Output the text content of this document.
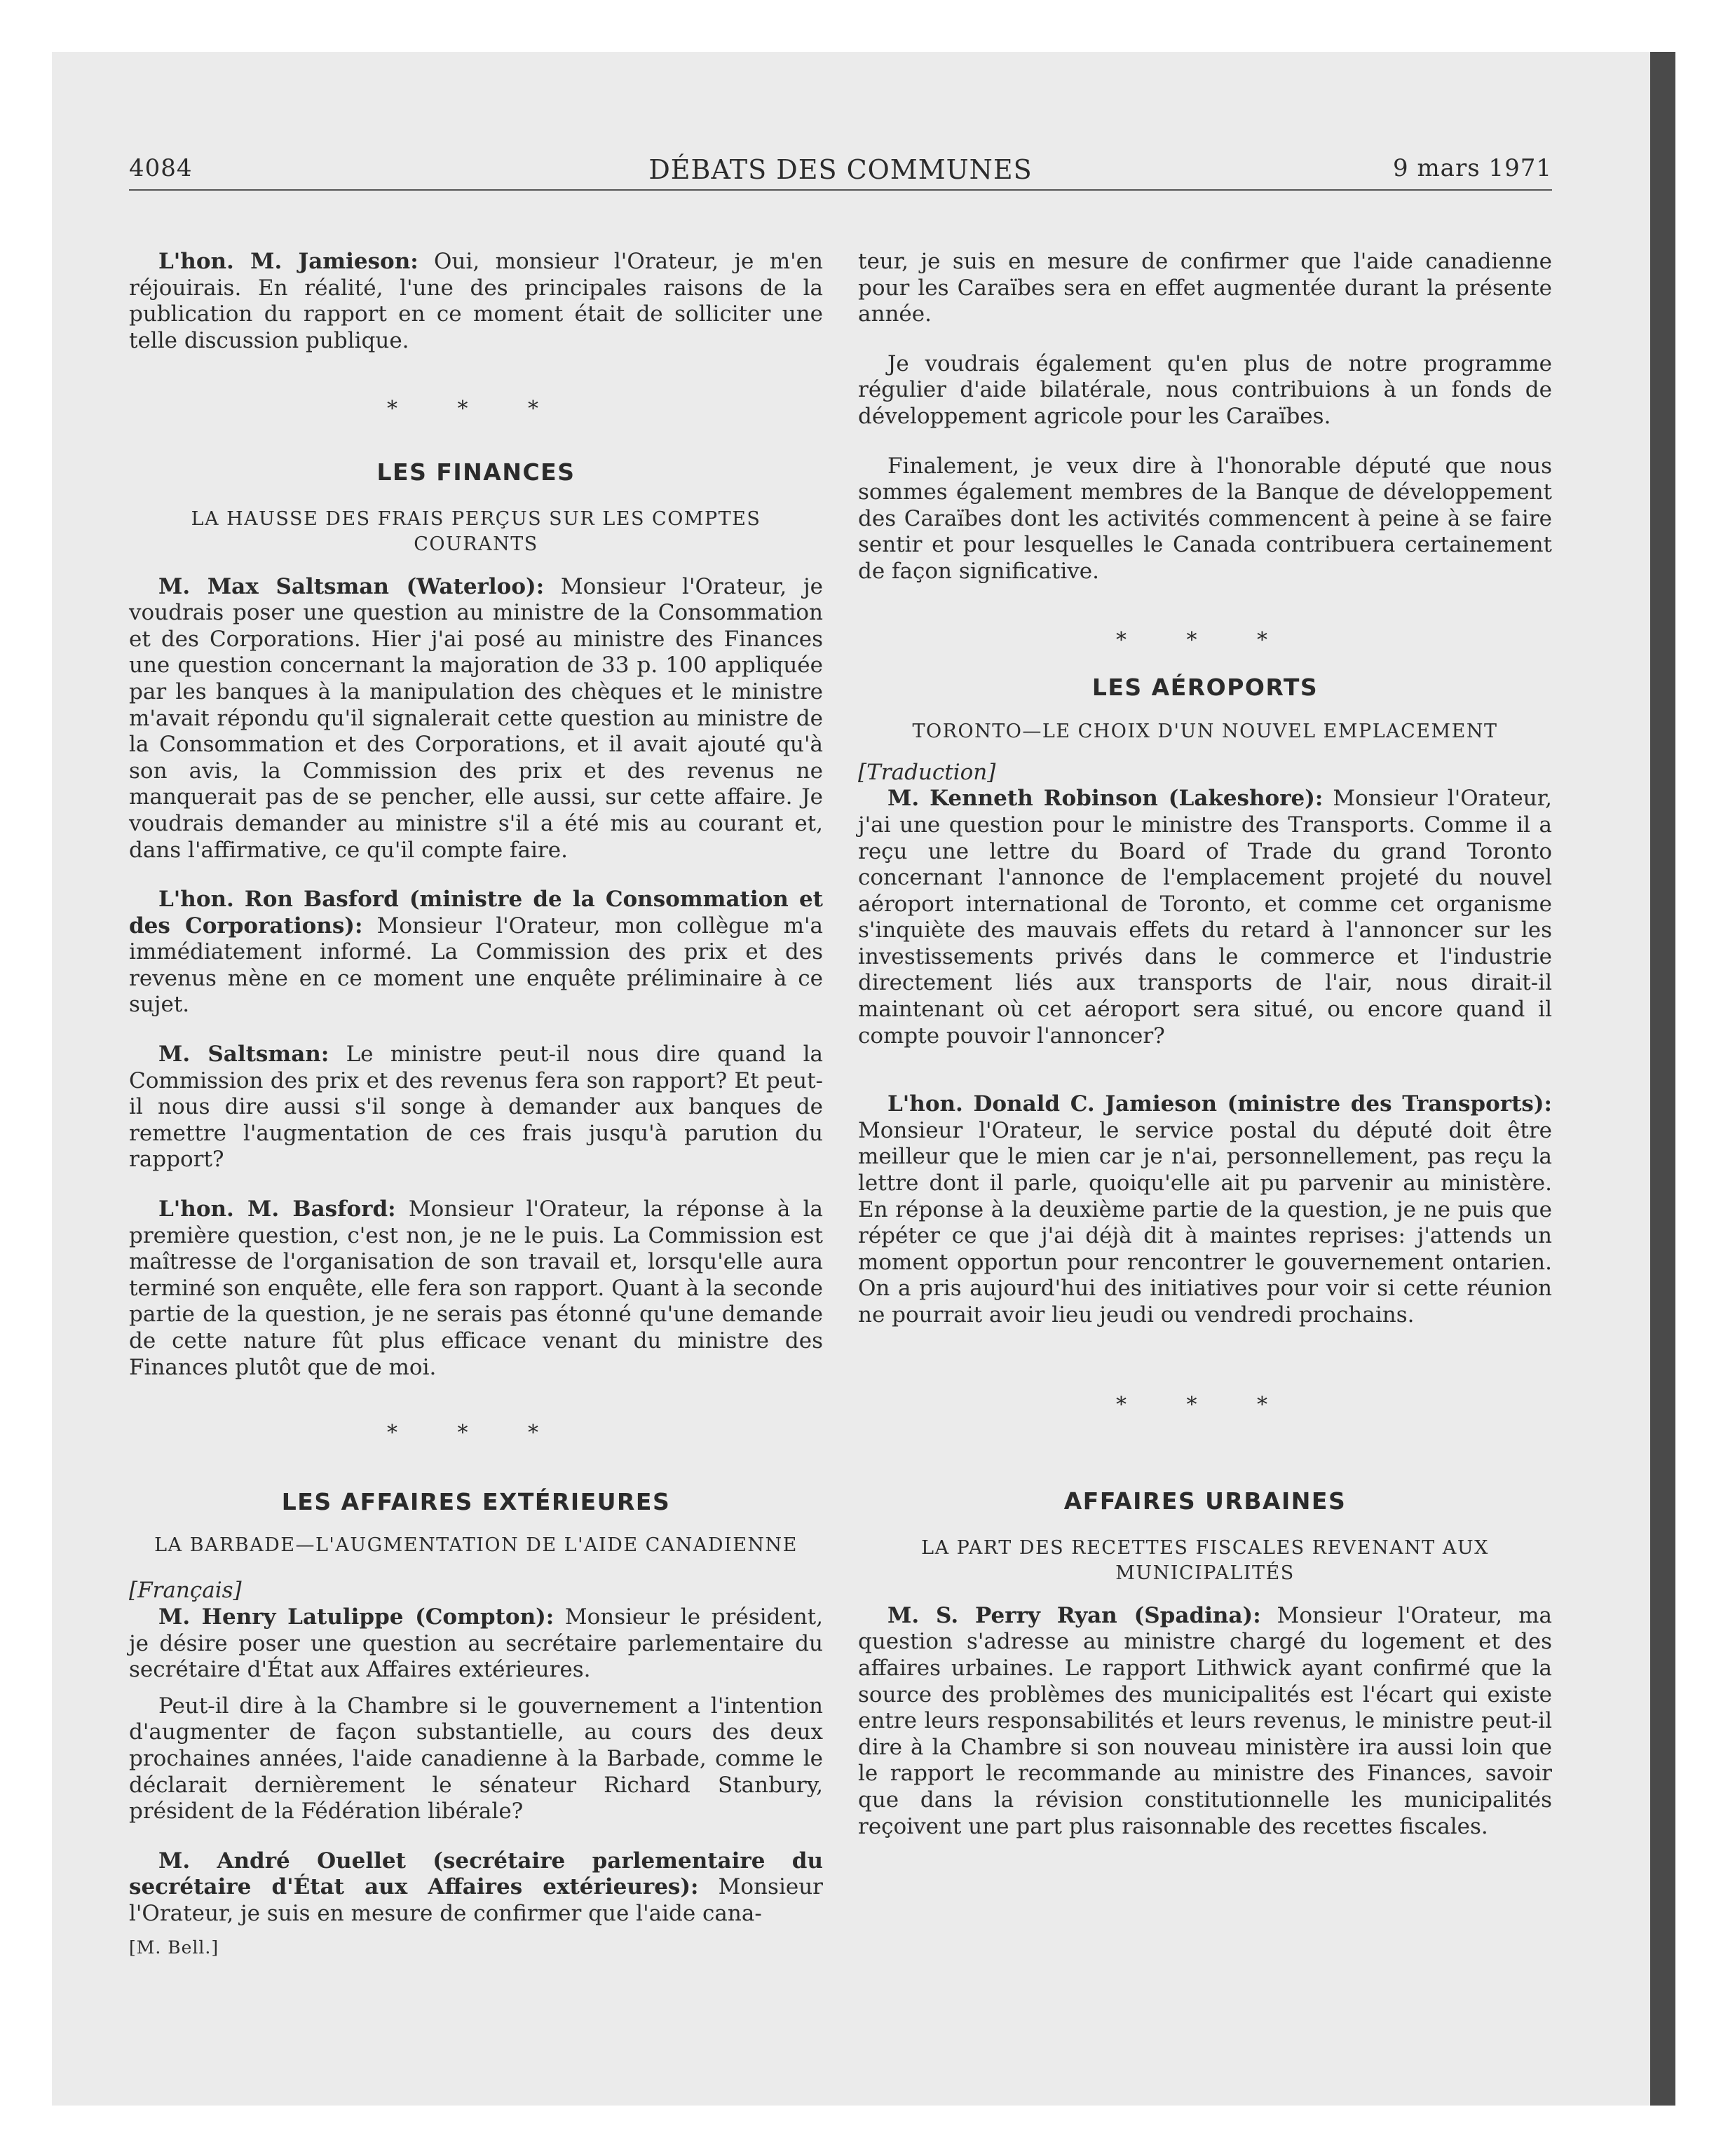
4084	DÉBATS DES COMMUNES	9 mars 1971

L'hon. M. Jamieson: Oui, monsieur l'Orateur, je m'en réjouirais. En réalité, l'une des principales raisons de la publication du rapport en ce moment était de solliciter une telle discussion publique.

* * *

LES FINANCES

LA HAUSSE DES FRAIS PERÇUS SUR LES COMPTES COURANTS

M. Max Saltsman (Waterloo): Monsieur l'Orateur, je voudrais poser une question au ministre de la Consommation et des Corporations. Hier j'ai posé au ministre des Finances une question concernant la majoration de 33 p. 100 appliquée par les banques à la manipulation des chèques et le ministre m'avait répondu qu'il signalerait cette question au ministre de la Consommation et des Corporations, et il avait ajouté qu'à son avis, la Commission des prix et des revenus ne manquerait pas de se pencher, elle aussi, sur cette affaire. Je voudrais demander au ministre s'il a été mis au courant et, dans l'affirmative, ce qu'il compte faire.

L'hon. Ron Basford (ministre de la Consommation et des Corporations): Monsieur l'Orateur, mon collègue m'a immédiatement informé. La Commission des prix et des revenus mène en ce moment une enquête préliminaire à ce sujet.

M. Saltsman: Le ministre peut-il nous dire quand la Commission des prix et des revenus fera son rapport? Et peut-il nous dire aussi s'il songe à demander aux banques de remettre l'augmentation de ces frais jusqu'à parution du rapport?

L'hon. M. Basford: Monsieur l'Orateur, la réponse à la première question, c'est non, je ne le puis. La Commission est maîtresse de l'organisation de son travail et, lorsqu'elle aura terminé son enquête, elle fera son rapport. Quant à la seconde partie de la question, je ne serais pas étonné qu'une demande de cette nature fût plus efficace venant du ministre des Finances plutôt que de moi.

* * *

LES AFFAIRES EXTÉRIEURES

LA BARBADE—L'AUGMENTATION DE L'AIDE CANADIENNE

[Français]

M. Henry Latulippe (Compton): Monsieur le président, je désire poser une question au secrétaire parlementaire du secrétaire d'État aux Affaires extérieures.

Peut-il dire à la Chambre si le gouvernement a l'intention d'augmenter de façon substantielle, au cours des deux prochaines années, l'aide canadienne à la Barbade, comme le déclarait dernièrement le sénateur Richard Stanbury, président de la Fédération libérale?

M. André Ouellet (secrétaire parlementaire du secrétaire d'État aux Affaires extérieures): Monsieur l'Orateur, je suis en mesure de confirmer que l'aide cana-

[M. Bell.]

teur, je suis en mesure de confirmer que l'aide canadienne pour les Caraïbes sera en effet augmentée durant la présente année.

Je voudrais également qu'en plus de notre programme régulier d'aide bilatérale, nous contribuions à un fonds de développement agricole pour les Caraïbes.

Finalement, je veux dire à l'honorable député que nous sommes également membres de la Banque de développement des Caraïbes dont les activités commencent à peine à se faire sentir et pour lesquelles le Canada contribuera certainement de façon significative.

* * *

LES AÉROPORTS

TORONTO—LE CHOIX D'UN NOUVEL EMPLACEMENT

[Traduction]

M. Kenneth Robinson (Lakeshore): Monsieur l'Orateur, j'ai une question pour le ministre des Transports. Comme il a reçu une lettre du Board of Trade du grand Toronto concernant l'annonce de l'emplacement projeté du nouvel aéroport international de Toronto, et comme cet organisme s'inquiète des mauvais effets du retard à l'annoncer sur les investissements privés dans le commerce et l'industrie directement liés aux transports de l'air, nous dirait-il maintenant où cet aéroport sera situé, ou encore quand il compte pouvoir l'annoncer?

L'hon. Donald C. Jamieson (ministre des Transports): Monsieur l'Orateur, le service postal du député doit être meilleur que le mien car je n'ai, personnellement, pas reçu la lettre dont il parle, quoiqu'elle ait pu parvenir au ministère. En réponse à la deuxième partie de la question, je ne puis que répéter ce que j'ai déjà dit à maintes reprises: j'attends un moment opportun pour rencontrer le gouvernement ontarien. On a pris aujourd'hui des initiatives pour voir si cette réunion ne pourrait avoir lieu jeudi ou vendredi prochains.

* * *

AFFAIRES URBAINES

LA PART DES RECETTES FISCALES REVENANT AUX MUNICIPALITÉS

M. S. Perry Ryan (Spadina): Monsieur l'Orateur, ma question s'adresse au ministre chargé du logement et des affaires urbaines. Le rapport Lithwick ayant confirmé que la source des problèmes des municipalités est l'écart qui existe entre leurs responsabilités et leurs revenus, le ministre peut-il dire à la Chambre si son nouveau ministère ira aussi loin que le rapport le recommande au ministre des Finances, savoir que dans la révision constitutionnelle les municipalités reçoivent une part plus raisonnable des recettes fiscales.
